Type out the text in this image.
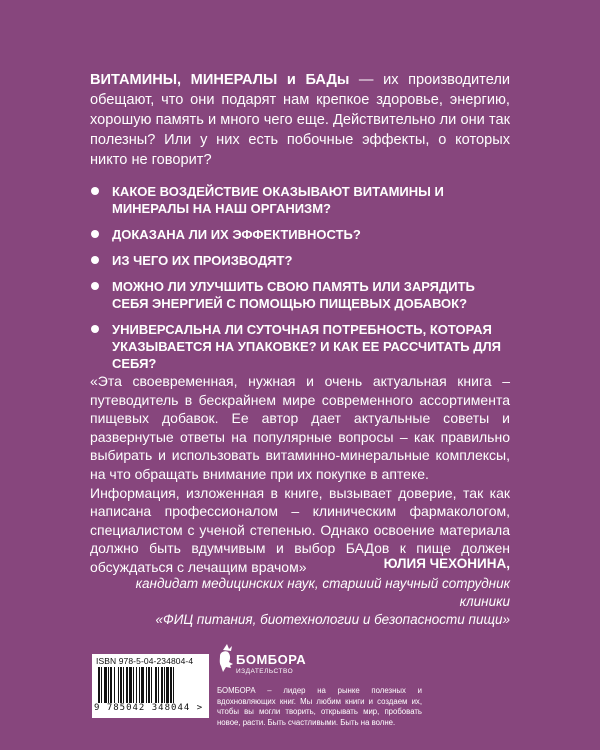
ВИТАМИНЫ, МИНЕРАЛЫ и БАДы — их производители обещают, что они подарят нам крепкое здоровье, энергию, хорошую память и много чего еще. Действительно ли они так полезны? Или у них есть побочные эффекты, о которых никто не говорит?
КАКОЕ ВОЗДЕЙСТВИЕ ОКАЗЫВАЮТ ВИТАМИНЫ И МИНЕРАЛЫ НА НАШ ОРГАНИЗМ?
ДОКАЗАНА ЛИ ИХ ЭФФЕКТИВНОСТЬ?
ИЗ ЧЕГО ИХ ПРОИЗВОДЯТ?
МОЖНО ЛИ УЛУЧШИТЬ СВОЮ ПАМЯТЬ ИЛИ ЗАРЯДИТЬ СЕБЯ ЭНЕРГИЕЙ С ПОМОЩЬЮ ПИЩЕВЫХ ДОБАВОК?
УНИВЕРСАЛЬНА ЛИ СУТОЧНАЯ ПОТРЕБНОСТЬ, КОТОРАЯ УКАЗЫВАЕТСЯ НА УПАКОВКЕ? И КАК ЕЕ РАССЧИТАТЬ ДЛЯ СЕБЯ?

«Эта своевременная, нужная и очень актуальная книга – путеводитель в бескрайнем мире современного ассортимента пищевых добавок. Ее автор дает актуальные советы и развернутые ответы на популярные вопросы – как правильно выбирать и использовать витаминно-минеральные комплексы, на что обращать внимание при их покупке в аптеке.

Информация, изложенная в книге, вызывает доверие, так как написана профессионалом – клиническим фармакологом, специалистом с ученой степенью. Однако освоение материала должно быть вдумчивым и выбор БАДов к пище должен обсуждаться с лечащим врачом»	ЮЛИЯ ЧЕХОНИНА,
кандидат медицинских наук, старший научный сотрудник клиники
«ФИЦ питания, биотехнологии и безопасности пищи»
ISBN 978-5-04-234804-4
9 785042 348044 >
БОМБОРА
ИЗДАТЕЛЬСТВО
БОМБОРА – лидер на рынке полезных и вдохновляющих книг. Мы любим книги и создаем их, чтобы вы могли творить, открывать мир, пробовать новое, расти. Быть счастливыми. Быть на волне.
